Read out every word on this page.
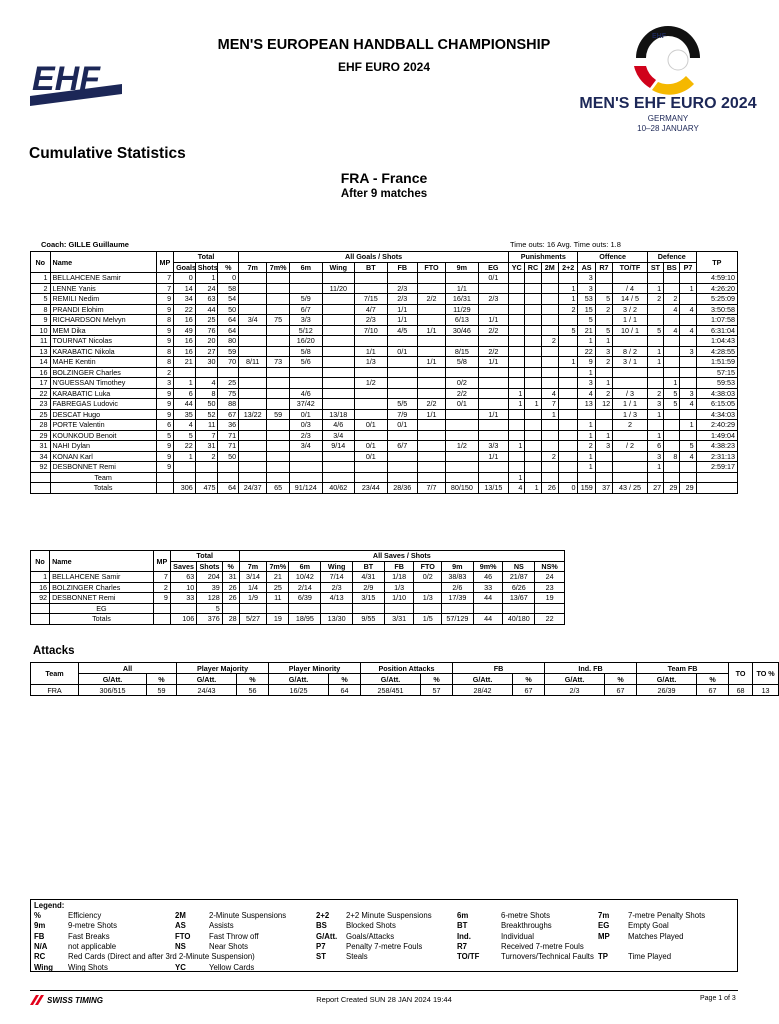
EHF
MEN'S EUROPEAN HANDBALL CHAMPIONSHIP
EHF EURO 2024
EHF
MEN'S EHF EURO 2024
GERMANY
10–28 JANUARY
Cumulative Statistics
FRA - France
After 9 matches
Coach: GILLE Guillaume	Time outs: 16 Avg. Time outs: 1.8
No	Name	MP	Total			All Goals / Shots									Punishments				Offence			Defence			TP
			Goals	Shots	%	7m	7m%	6m	Wing	BT	FB	FTO	9m	EG	YC	RC	2M	2+2	AS	R7	TO/TF	ST	BS	P7	
1	BELLAHCENE Samir	7	0	1	0									0/1					3						4:59:10
2	LENNE Yanis	7	14	24	58				11/20		2/3		1/1					1	3		/ 4	1		1	4:26:20
5	REMILI Nedim	9	34	63	54			5/9		7/15	2/3	2/2	16/31	2/3				1	53	5	14 / 5	2	2		5:25:09
8	PRANDI Elohim	9	22	44	50			6/7		4/7	1/1		11/29					2	15	2	3 / 2		4	4	3:50:58
9	RICHARDSON Melvyn	8	16	25	64	3/4	75	3/3		2/3	1/1		6/13	1/1					5		1 / 1				1:07:58
10	MEM Dika	9	49	76	64			5/12		7/10	4/5	1/1	30/46	2/2				5	21	5	10 / 1	5	4	4	6:31:04
11	TOURNAT Nicolas	9	16	20	80			16/20									2		1	1					1:04:43
13	KARABATIC Nikola	8	16	27	59			5/8		1/1	0/1		8/15	2/2					22	3	8 / 2	1		3	4:28:55
14	MAHE Kentin	8	21	30	70	8/11	73	5/6		1/3		1/1	5/8	1/1				1	9	2	3 / 1	1			1:51:59
16	BOLZINGER Charles	2																	1						57:15
17	N'GUESSAN Timothey	3	1	4	25					1/2			0/2						3	1			1		59:53
22	KARABATIC Luka	9	6	8	75			4/6					2/2		1		4		4	2	/ 3	2	5	3	4:38:03
23	FABREGAS Ludovic	9	44	50	88			37/42			5/5	2/2	0/1		1	1	7		13	12	1 / 1	3	5	4	6:15:05
25	DESCAT Hugo	9	35	52	67	13/22	59	0/1	13/18		7/9	1/1		1/1			1				1 / 3	1			4:34:03
28	PORTE Valentin	6	4	11	36			0/3	4/6	0/1	0/1								1		2			1	2:40:29
29	KOUNKOUD Benoit	5	5	7	71			2/3	3/4										1	1		1			1:49:04
31	NAHI Dylan	9	22	31	71			3/4	9/14	0/1	6/7		1/2	3/3	1				2	3	/ 2	6		5	4:38:23
34	KONAN Karl	9	1	2	50					0/1				1/1			2		1			3	8	4	2:31:13
92	DESBONNET Remi	9																	1			1			2:59:17
	Team														1										
	Totals		306	475	64	24/37	65	91/124	40/62	23/44	28/36	7/7	80/150	13/15	4	1	26	0	159	37	43 / 25	27	29	29	
No	Name	MP	Total			All Saves / Shots										
			Saves	Shots	%	7m	7m%	6m	Wing	BT	FB	FTO	9m	9m%	NS	NS%
1	BELLAHCENE Samir	7	63	204	31	3/14	21	10/42	7/14	4/31	1/18	0/2	38/83	46	21/87	24
16	BOLZINGER Charles	2	10	39	26	1/4	25	2/14	2/3	2/9	1/3		2/6	33	6/26	23
92	DESBONNET Remi	9	33	128	26	1/9	11	6/39	4/13	3/15	1/10	1/3	17/39	44	13/67	19
	EG			5												
	Totals		106	376	28	5/27	19	18/95	13/30	9/55	3/31	1/5	57/129	44	40/180	22
Attacks
Team	All		Player Majority		Player Minority		Position Attacks		FB		Ind. FB		Team FB		TO	TO %
	G/Att.	%	G/Att.	%	G/Att.	%	G/Att.	%	G/Att.	%	G/Att.	%	G/Att.	%		
FRA	306/515	59	24/43	56	16/25	64	258/451	57	28/42	67	2/3	67	26/39	67	68	13
Legend:
%	Efficiency	2M	2-Minute Suspensions	2+2 2+2 Minute Suspensions	6m	6-metre Shots	7m 7-metre Penalty Shots
9m	9-metre Shots	AS	Assists	BS Blocked Shots	BT	Breakthroughs	EG Empty Goal
FB	Fast Breaks	FTO Fast Throw off	G/Att. Goals/Attacks	Ind.	Individual	MP Matches Played
N/A	not applicable	NS	Near Shots	P7	Penalty 7-metre Fouls	R7	Received 7-metre Fouls
RC	Red Cards (Direct and after 3rd 2-Minute Suspension)	ST	Steals	TO/TF	Turnovers/Technical Faults TP	Time Played
Wing Wing Shots	YC	Yellow Cards
SWISS TIMING	Report Created SUN 28 JAN 2024 19:44	Page 1 of 3
